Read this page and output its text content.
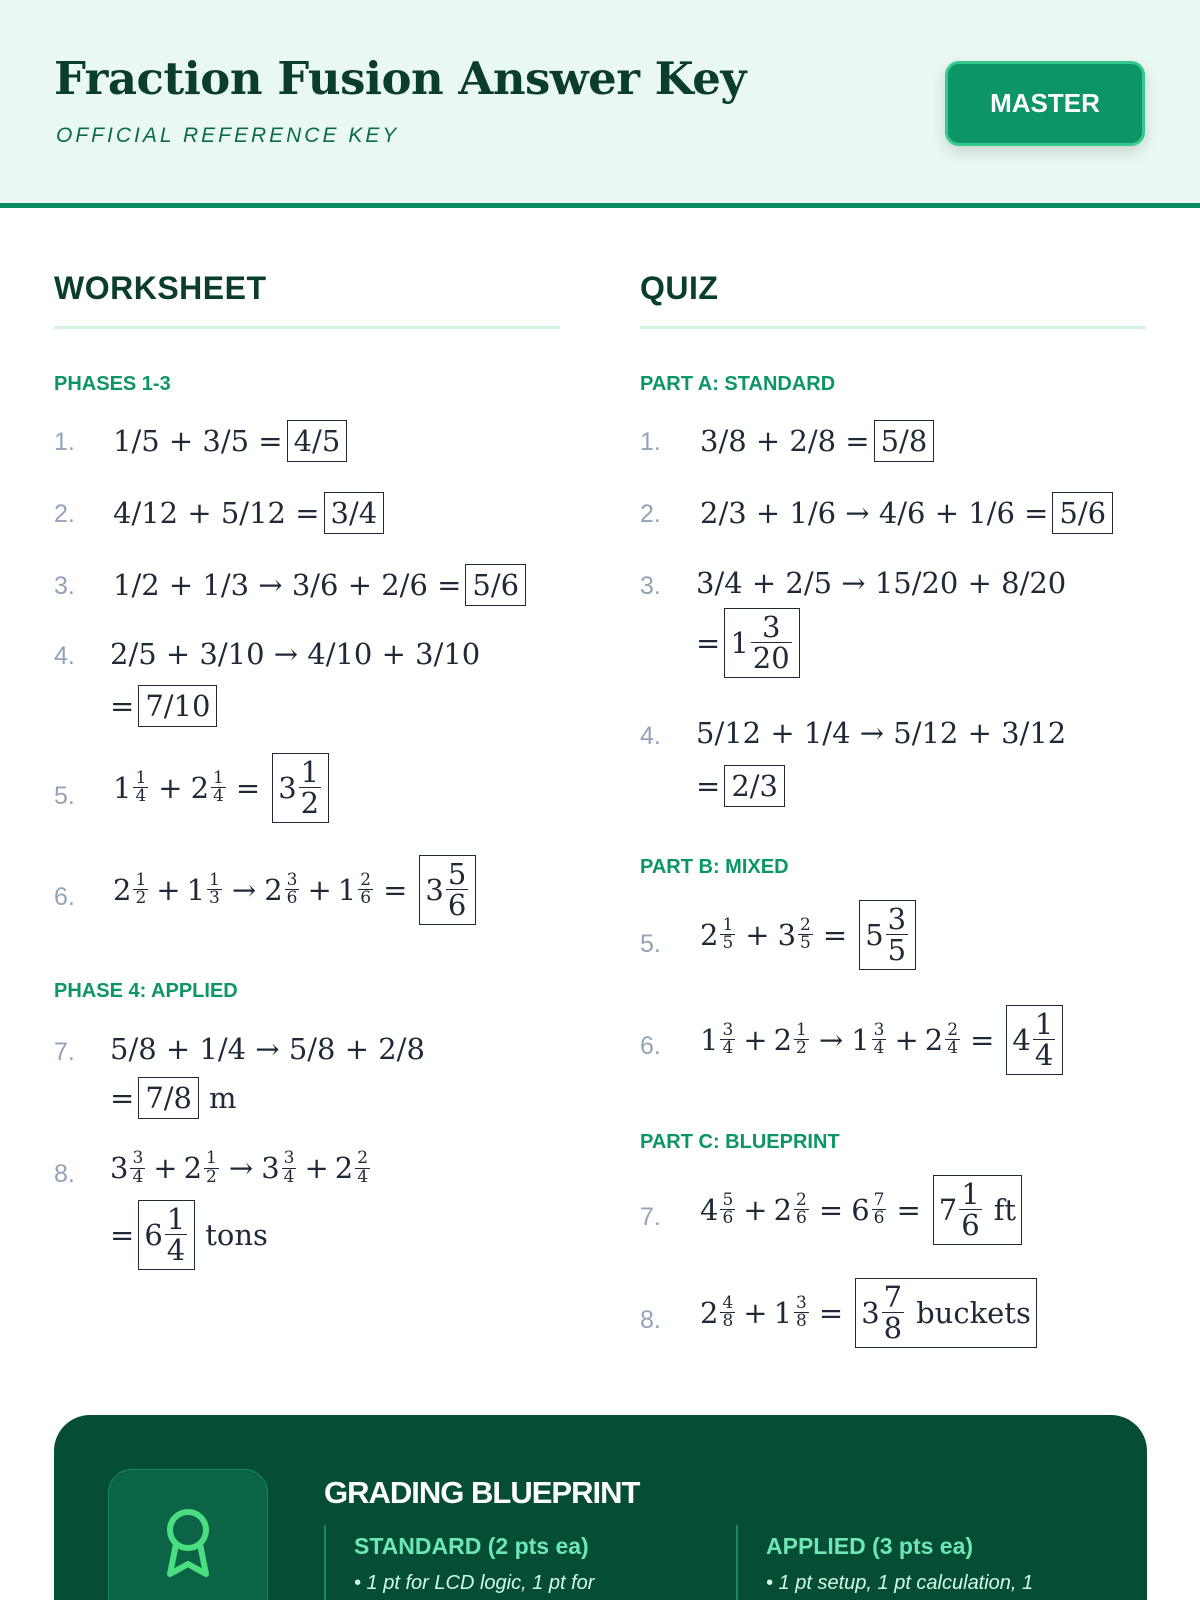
Fraction Fusion Answer Key
OFFICIAL REFERENCE KEY
MASTER
WORKSHEET
PHASES 1-3
1. 1/5 + 3/5 = 4/5
2. 4/12 + 5/12 = 3/4
3. 1/2 + 1/3 → 3/6 + 2/6 = 5/6
4. 2/5 + 3/10 → 4/10 + 3/10
= 7/10
5. $1 \frac{1}{4} + 2 \frac{1}{4} = 3 \frac{1}{2}$
6. $2 \frac{1}{2} + 1 \frac{1}{3} \to 2 \frac{3}{6} + 1 \frac{2}{6} = 3 \frac{5}{6}$
PHASE 4: APPLIED
7. 5/8 + 1/4 → 5/8 + 2/8
= 7/8 m
8. $3 \frac{3}{4} + 2 \frac{1}{2} \to 3 \frac{3}{4} + 2 \frac{2}{4}$
= $6 \frac{1}{4}$ tons
QUIZ
PART A: STANDARD
1. 3/8 + 2/8 = 5/8
2. 2/3 + 1/6 → 4/6 + 1/6 = 5/6
3. 3/4 + 2/5 → 15/20 + 8/20
= $1 \frac{3}{20}$
4. 5/12 + 1/4 → 5/12 + 3/12
= 2/3
PART B: MIXED
5. $2 \frac{1}{5} + 3 \frac{2}{5} = 5 \frac{3}{5}$
6. $1 \frac{3}{4} + 2 \frac{1}{2} \to 1 \frac{3}{4} + 2 \frac{2}{4} = 4 \frac{1}{4}$
PART C: BLUEPRINT
7. $4 \frac{5}{6} + 2 \frac{2}{6} = 6 \frac{7}{6} = 7 \frac{1}{6}$ ft
8. $2 \frac{4}{8} + 1 \frac{3}{8} = 3 \frac{7}{8}$ buckets
GRADING BLUEPRINT
STANDARD (2 pts ea)
• 1 pt for LCD logic, 1 pt for
APPLIED (3 pts ea)
• 1 pt setup, 1 pt calculation, 1
